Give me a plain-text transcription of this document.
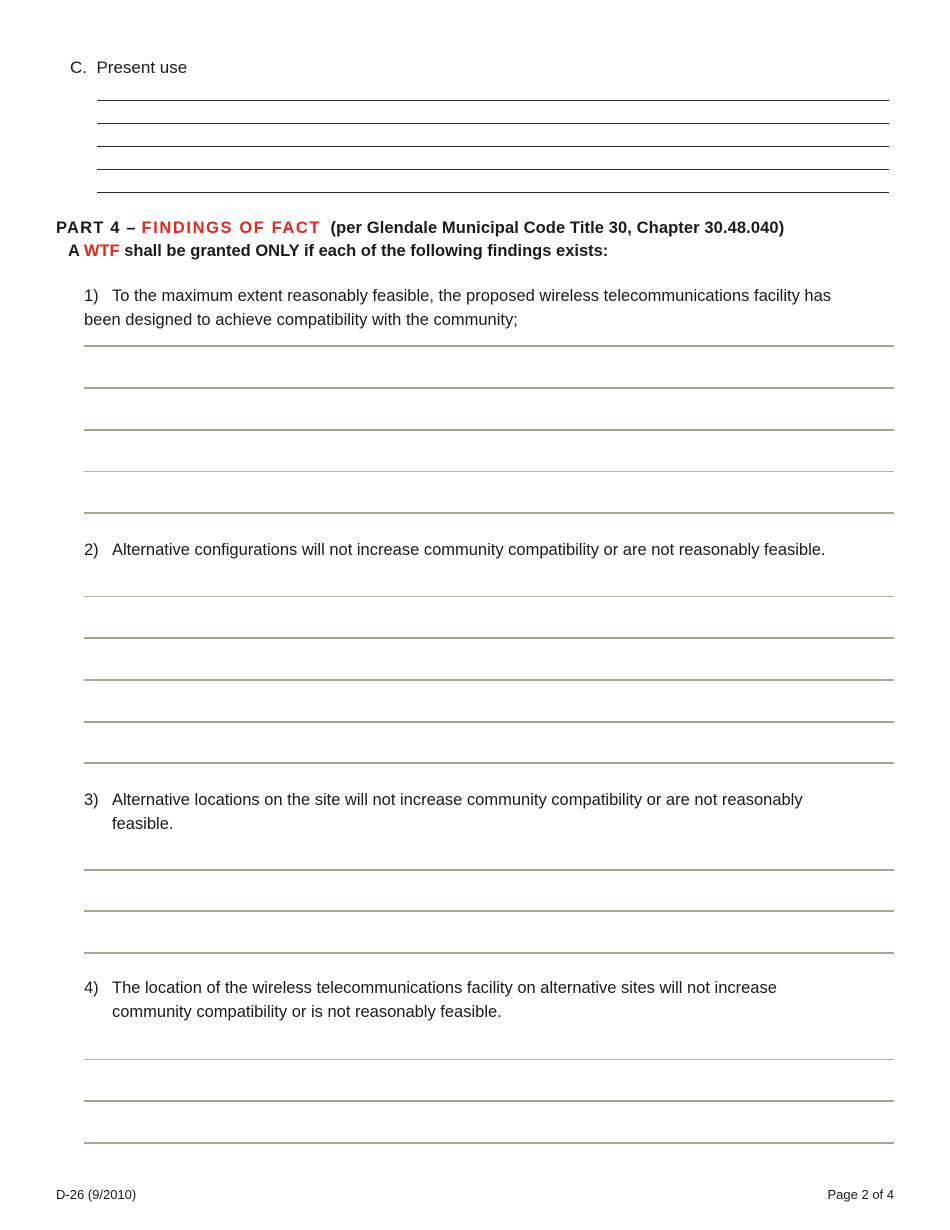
C. Present use
PART 4 – FINDINGS OF FACT (per Glendale Municipal Code Title 30, Chapter 30.48.040)
A WTF shall be granted ONLY if each of the following findings exists:
1) To the maximum extent reasonably feasible, the proposed wireless telecommunications facility has
been designed to achieve compatibility with the community;
2) Alternative configurations will not increase community compatibility or are not reasonably feasible.
3) Alternative locations on the site will not increase community compatibility or are not reasonably
feasible.
4) The location of the wireless telecommunications facility on alternative sites will not increase
community compatibility or is not reasonably feasible.
D-26 (9/2010)	Page 2 of 4
